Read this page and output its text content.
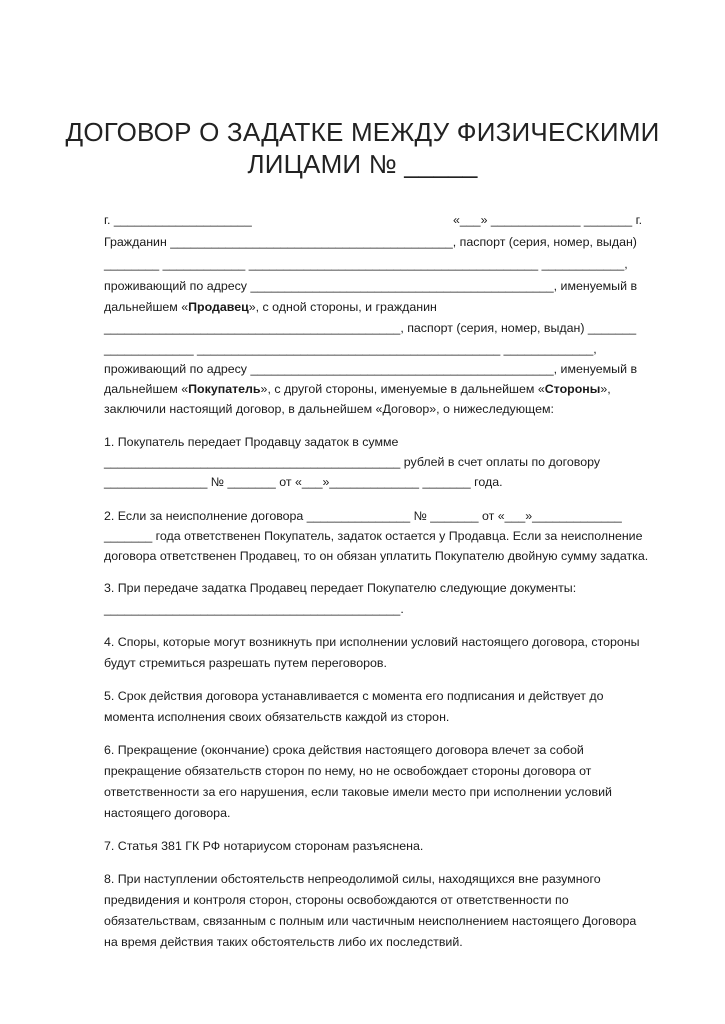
ДОГОВОР О ЗАДАТКЕ МЕЖДУ ФИЗИЧЕСКИМИ
ЛИЦАМИ № _____
г. ____________________	«___» _____________ _______ г.
Гражданин _________________________________________, паспорт (серия, номер, выдан)
________ ____________ __________________________________________ ____________,
проживающий по адресу ____________________________________________, именуемый в
дальнейшем «Продавец», с одной стороны, и гражданин
___________________________________________, паспорт (серия, номер, выдан) _______
_____________ ____________________________________________ _____________,
проживающий по адресу ____________________________________________, именуемый в
дальнейшем «Покупатель», с другой стороны, именуемые в дальнейшем «Стороны»,
заключили настоящий договор, в дальнейшем «Договор», о нижеследующем:
1. Покупатель передает Продавцу задаток в сумме
___________________________________________ рублей в счет оплаты по договору
_______________ № _______ от «___»_____________ _______ года.
2. Если за неисполнение договора _______________ № _______ от «___»_____________
_______ года ответственен Покупатель, задаток остается у Продавца. Если за неисполнение
договора ответственен Продавец, то он обязан уплатить Покупателю двойную сумму задатка.
3. При передаче задатка Продавец передает Покупателю следующие документы:
___________________________________________.
4. Споры, которые могут возникнуть при исполнении условий настоящего договора, стороны
будут стремиться разрешать путем переговоров.
5. Срок действия договора устанавливается с момента его подписания и действует до
момента исполнения своих обязательств каждой из сторон.
6. Прекращение (окончание) срока действия настоящего договора влечет за собой
прекращение обязательств сторон по нему, но не освобождает стороны договора от
ответственности за его нарушения, если таковые имели место при исполнении условий
настоящего договора.
7. Статья 381 ГК РФ нотариусом сторонам разъяснена.
8. При наступлении обстоятельств непреодолимой силы, находящихся вне разумного
предвидения и контроля сторон, стороны освобождаются от ответственности по
обязательствам, связанным с полным или частичным неисполнением настоящего Договора
на время действия таких обстоятельств либо их последствий.
